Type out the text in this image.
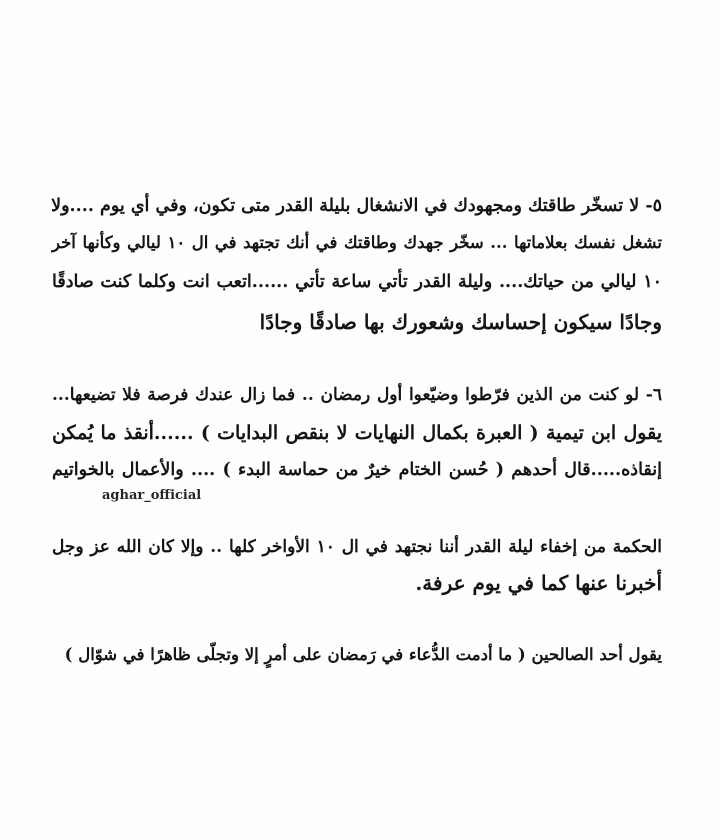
٥- لا تسخّر طاقتك ومجهودك في الانشغال بليلة القدر متى تكون، وفي أي يوم ....ولا
تشغل نفسك بعلاماتها ... سخّر جهدك وطاقتك في أنك تجتهد في ال ١٠ ليالي وكأنها آخر
١٠ ليالي من حياتك.... وليلة القدر تأتي ساعة تأتي ......اتعب انت وكلما كنت صادقًا
وجادًا سيكون إحساسك وشعورك بها صادقًا وجادًا
٦- لو كنت من الذين فرّطوا وضيّعوا أول رمضان .. فما زال عندك فرصة فلا تضيعها...
يقول ابن تيمية ( العبرة بكمال النهايات لا بنقص البدايات ) ......أنقذ ما يُمكن
إنقاذه.....قال أحدهم ( حُسن الختام خيرٌ من حماسة البدء ) .... والأعمال بالخواتيم
aghar_official
الحكمة من إخفاء ليلة القدر أننا نجتهد في ال ١٠ الأواخر كلها .. وإلا كان الله عز وجل
أخبرنا عنها كما في يوم عرفة.
يقول أحد الصالحين ( ما أدمت الدُّعاء في رَمضان على أمرٍ إلا وتجلّى ظاهرًا في شوّال )
